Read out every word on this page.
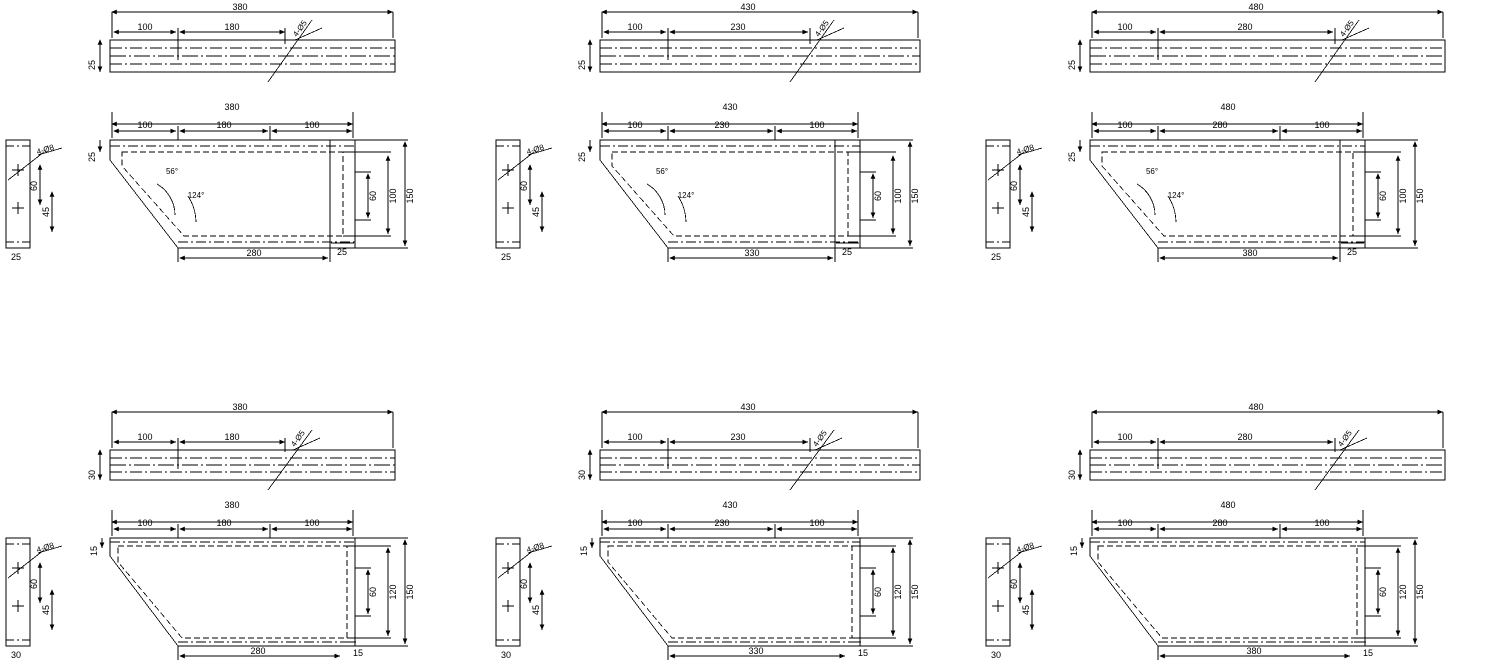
380
100	180
25
4-Ø5
380
100	180	100
25
150
100
60
280	25
56°
124°
4-Ø8
60
45
25
430
100	230
25
4-Ø5
430
100	230	100
25
150
100
60
330	25
56°
124°
4-Ø8
60
45
25
480
100	280
25
4-Ø5
480
100	280	100
25
150
100
60
380	25
56°
124°
4-Ø8
60
45
25
380
100	180
30
4-Ø5
380
100	180	100
15
150
120
60
280	15
4-Ø8
60
45
30
430
100	230
30
4-Ø5
430
100	230	100
15
150
120
60
330	15
4-Ø8
60
45
30
480
100	280
30
4-Ø5
480
100	280	100
15
150
120
60
380	15
4-Ø8
60
45
30
